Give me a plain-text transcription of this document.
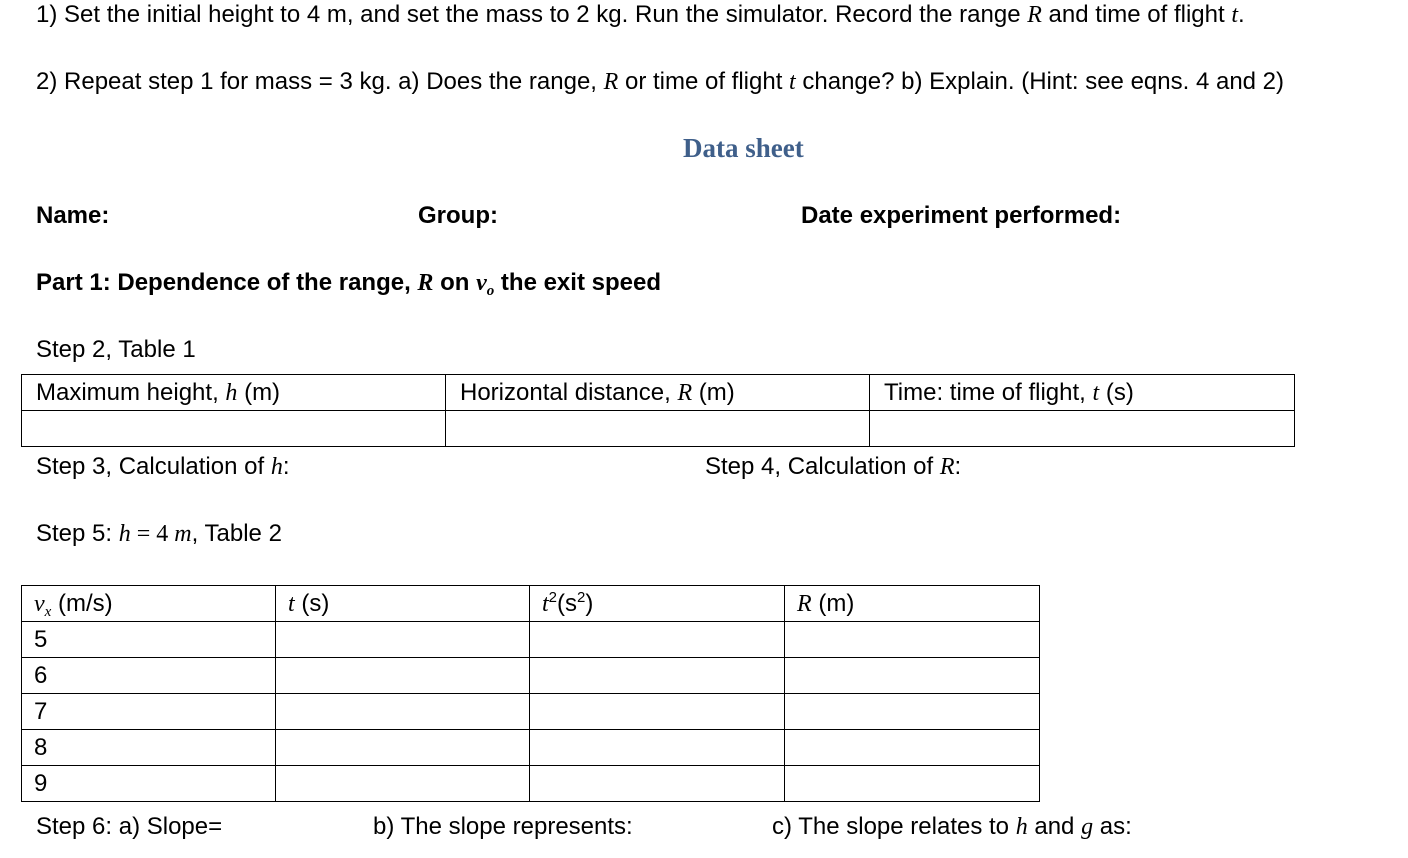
1) Set the initial height to 4 m, and set the mass to 2 kg. Run the simulator. Record the range R and time of flight t.
2) Repeat step 1 for mass = 3 kg. a) Does the range, R or time of flight t change? b) Explain. (Hint: see eqns. 4 and 2)
Data sheet
Name:	Group:	Date experiment performed:
Part 1: Dependence of the range, R on $v_o$ the exit speed
Step 2, Table 1
Maximum height, h (m)	Horizontal distance, R (m)	Time: time of flight, t (s)

Step 3, Calculation of h:	Step 4, Calculation of R:
Step 5: h = 4 m, Table 2
$v_x$ (m/s)	t (s)	$t^2(s^2)$	R (m)
5			
6			
7			
8			
9			
Step 6: a) Slope=	b) The slope represents:	c) The slope relates to h and g as:
